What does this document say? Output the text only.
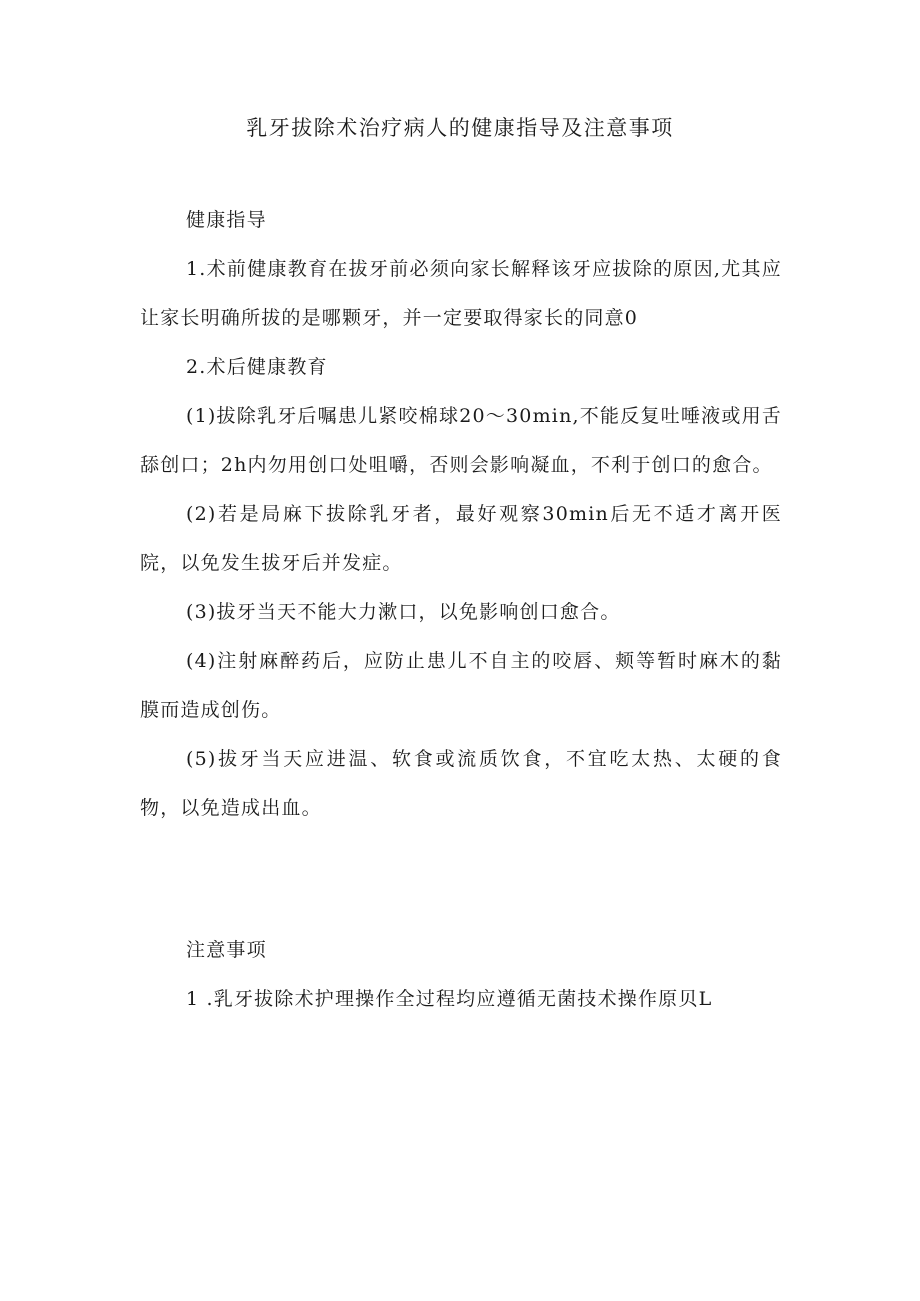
乳牙拔除术治疗病人的健康指导及注意事项

健康指导

1.术前健康教育在拔牙前必须向家长解释该牙应拔除的原因,尤其应让家长明确所拔的是哪颗牙，并一定要取得家长的同意0

2.术后健康教育

(1)拔除乳牙后嘱患儿紧咬棉球20～30min,不能反复吐唾液或用舌舔创口；2h内勿用创口处咀嚼，否则会影响凝血，不利于创口的愈合。

(2)若是局麻下拔除乳牙者，最好观察30min后无不适才离开医院，以免发生拔牙后并发症。

(3)拔牙当天不能大力漱口，以免影响创口愈合。

(4)注射麻醉药后，应防止患儿不自主的咬唇、颊等暂时麻木的黏膜而造成创伤。

(5)拔牙当天应进温、软食或流质饮食，不宜吃太热、太硬的食物，以免造成出血。

注意事项

1 .乳牙拔除术护理操作全过程均应遵循无菌技术操作原贝L
